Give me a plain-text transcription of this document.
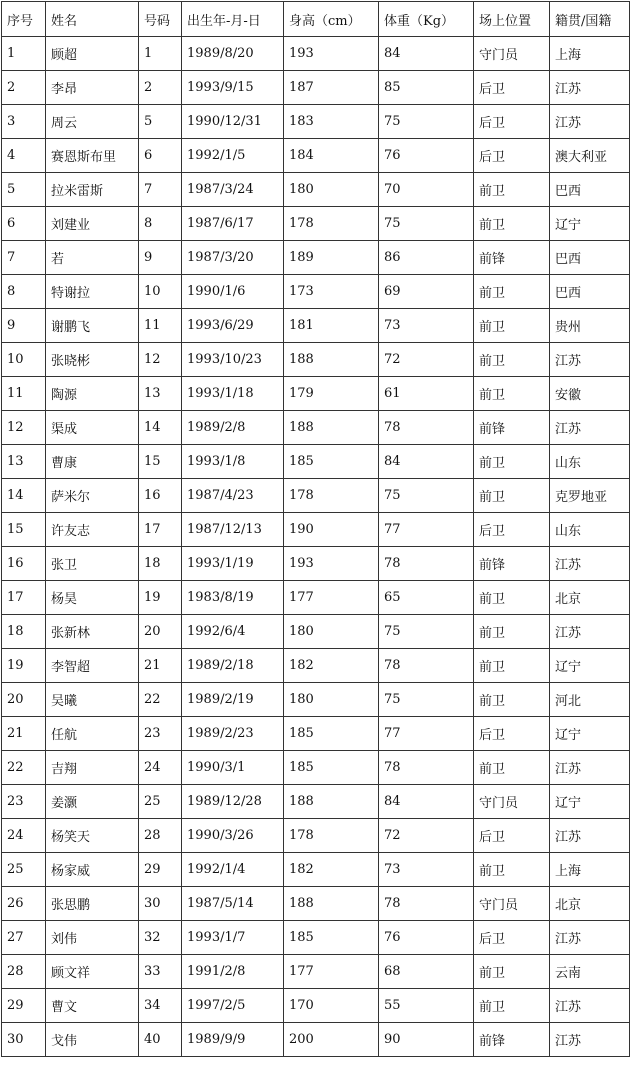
序号	姓名	号码	出生年-月-日	身高（cm）	体重（Kg）	场上位置	籍贯/国籍
1	顾超	1	1989/8/20	193	84	守门员	上海
2	李昂	2	1993/9/15	187	85	后卫	江苏
3	周云	5	1990/12/31	183	75	后卫	江苏
4	赛恩斯布里	6	1992/1/5	184	76	后卫	澳大利亚
5	拉米雷斯	7	1987/3/24	180	70	前卫	巴西
6	刘建业	8	1987/6/17	178	75	前卫	辽宁
7	若	9	1987/3/20	189	86	前锋	巴西
8	特谢拉	10	1990/1/6	173	69	前卫	巴西
9	谢鹏飞	11	1993/6/29	181	73	前卫	贵州
10	张晓彬	12	1993/10/23	188	72	前卫	江苏
11	陶源	13	1993/1/18	179	61	前卫	安徽
12	渠成	14	1989/2/8	188	78	前锋	江苏
13	曹康	15	1993/1/8	185	84	前卫	山东
14	萨米尔	16	1987/4/23	178	75	前卫	克罗地亚
15	许友志	17	1987/12/13	190	77	后卫	山东
16	张卫	18	1993/1/19	193	78	前锋	江苏
17	杨昊	19	1983/8/19	177	65	前卫	北京
18	张新林	20	1992/6/4	180	75	前卫	江苏
19	李智超	21	1989/2/18	182	78	前卫	辽宁
20	吴曦	22	1989/2/19	180	75	前卫	河北
21	任航	23	1989/2/23	185	77	后卫	辽宁
22	吉翔	24	1990/3/1	185	78	前卫	江苏
23	姜灏	25	1989/12/28	188	84	守门员	辽宁
24	杨笑天	28	1990/3/26	178	72	后卫	江苏
25	杨家威	29	1992/1/4	182	73	前卫	上海
26	张思鹏	30	1987/5/14	188	78	守门员	北京
27	刘伟	32	1993/1/7	185	76	后卫	江苏
28	顾文祥	33	1991/2/8	177	68	前卫	云南
29	曹文	34	1997/2/5	170	55	前卫	江苏
30	戈伟	40	1989/9/9	200	90	前锋	江苏
